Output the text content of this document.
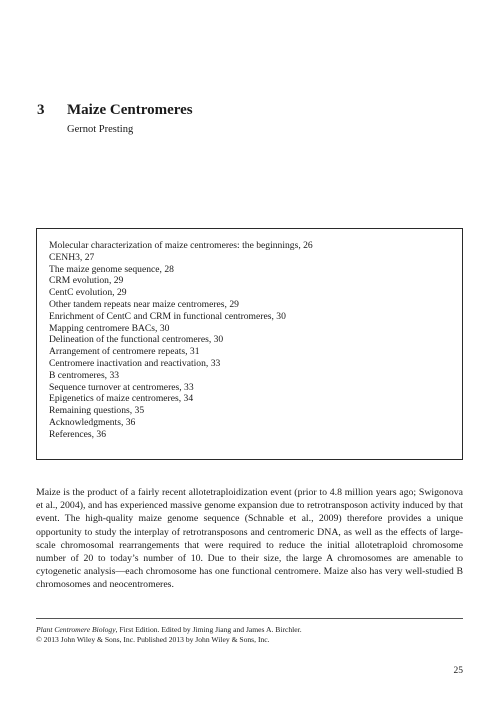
3 Maize Centromeres
Gernot Presting
Molecular characterization of maize centromeres: the beginnings, 26
CENH3, 27
The maize genome sequence, 28
CRM evolution, 29
CentC evolution, 29
Other tandem repeats near maize centromeres, 29
Enrichment of CentC and CRM in functional centromeres, 30
Mapping centromere BACs, 30
Delineation of the functional centromeres, 30
Arrangement of centromere repeats, 31
Centromere inactivation and reactivation, 33
B centromeres, 33
Sequence turnover at centromeres, 33
Epigenetics of maize centromeres, 34
Remaining questions, 35
Acknowledgments, 36
References, 36

Maize is the product of a fairly recent allotetraploidization event (prior to 4.8 million years ago; Swigonova et al., 2004), and has experienced massive genome expansion due to retrotransposon activity induced by that event. The high-quality maize genome sequence (Schnable et al., 2009) therefore provides a unique opportunity to study the interplay of retrotransposons and centromeric DNA, as well as the effects of large-scale chromosomal rearrangements that were required to reduce the initial allotetraploid chromosome number of 20 to today’s number of 10. Due to their size, the large A chromosomes are amenable to cytogenetic analysis—each chromosome has one functional centromere. Maize also has very well-studied B chromosomes and neocentromeres.

Plant Centromere Biology, First Edition. Edited by Jiming Jiang and James A. Birchler.

© 2013 John Wiley & Sons, Inc. Published 2013 by John Wiley & Sons, Inc.

25
